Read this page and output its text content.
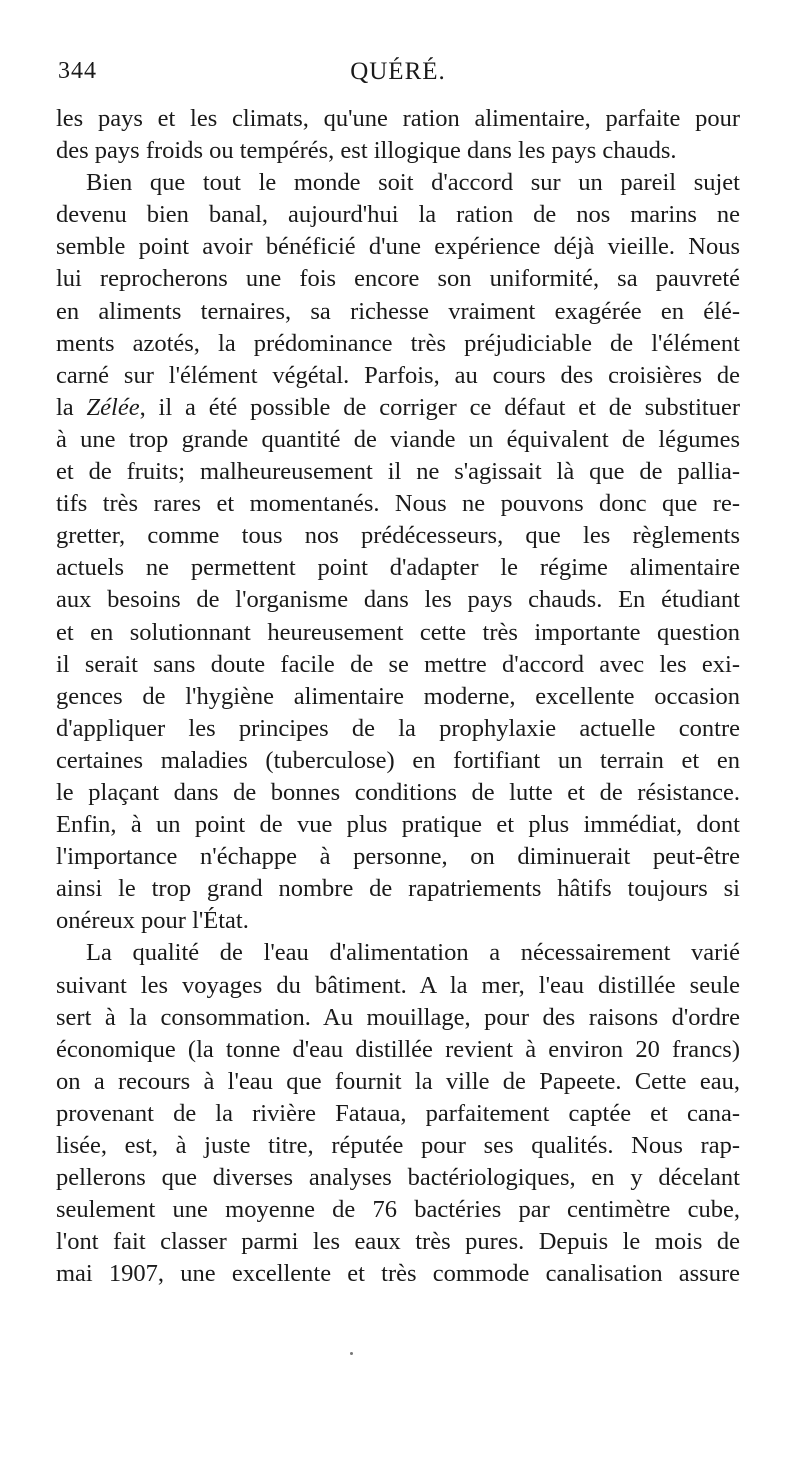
344	QUÉRÉ.
les pays et les climats, qu'une ration alimentaire, parfaite pour
des pays froids ou tempérés, est illogique dans les pays chauds.
Bien que tout le monde soit d'accord sur un pareil sujet
devenu bien banal, aujourd'hui la ration de nos marins ne
semble point avoir bénéficié d'une expérience déjà vieille. Nous
lui reprocherons une fois encore son uniformité, sa pauvreté
en aliments ternaires, sa richesse vraiment exagérée en élé-
ments azotés, la prédominance très préjudiciable de l'élément
carné sur l'élément végétal. Parfois, au cours des croisières de
la Zélée, il a été possible de corriger ce défaut et de substituer
à une trop grande quantité de viande un équivalent de légumes
et de fruits; malheureusement il ne s'agissait là que de pallia-
tifs très rares et momentanés. Nous ne pouvons donc que re-
gretter, comme tous nos prédécesseurs, que les règlements
actuels ne permettent point d'adapter le régime alimentaire
aux besoins de l'organisme dans les pays chauds. En étudiant
et en solutionnant heureusement cette très importante question
il serait sans doute facile de se mettre d'accord avec les exi-
gences de l'hygiène alimentaire moderne, excellente occasion
d'appliquer les principes de la prophylaxie actuelle contre
certaines maladies (tuberculose) en fortifiant un terrain et en
le plaçant dans de bonnes conditions de lutte et de résistance.
Enfin, à un point de vue plus pratique et plus immédiat, dont
l'importance n'échappe à personne, on diminuerait peut-être
ainsi le trop grand nombre de rapatriements hâtifs toujours si
onéreux pour l'État.
La qualité de l'eau d'alimentation a nécessairement varié
suivant les voyages du bâtiment. A la mer, l'eau distillée seule
sert à la consommation. Au mouillage, pour des raisons d'ordre
économique (la tonne d'eau distillée revient à environ 20 francs)
on a recours à l'eau que fournit la ville de Papeete. Cette eau,
provenant de la rivière Fataua, parfaitement captée et cana-
lisée, est, à juste titre, réputée pour ses qualités. Nous rap-
pellerons que diverses analyses bactériologiques, en y décelant
seulement une moyenne de 76 bactéries par centimètre cube,
l'ont fait classer parmi les eaux très pures. Depuis le mois de
mai 1907, une excellente et très commode canalisation assure
